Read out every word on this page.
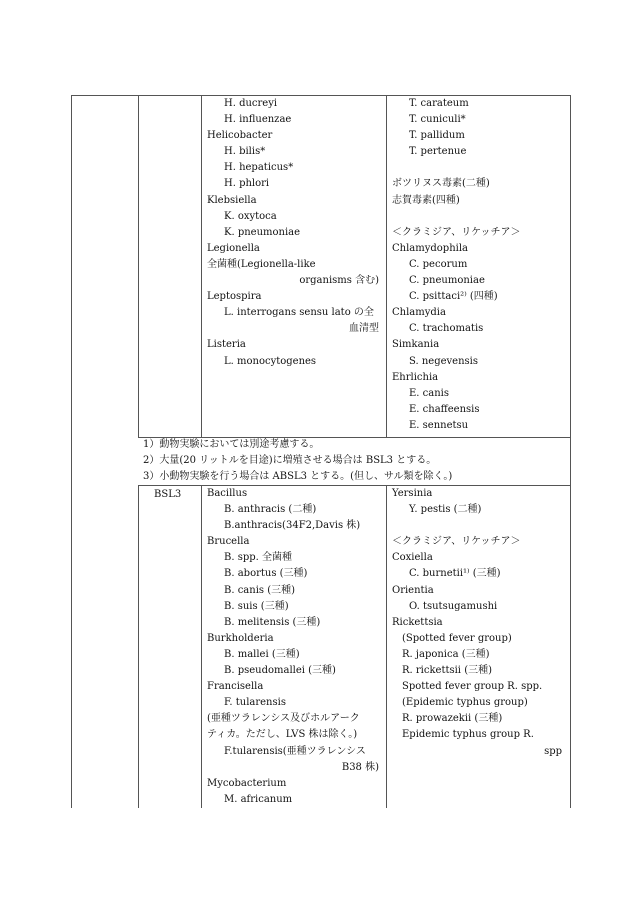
H. ducreyi
H. influenzae
Helicobacter
H. bilis*
H. hepaticus*
H. phlori
Klebsiella
K. oxytoca
K. pneumoniae
Legionella
全菌種(Legionella-like
organisms 含む)
Leptospira
L. interrogans sensu lato の全
血清型
Listeria
L. monocytogenes
T. carateum
T. cuniculi*
T. pallidum
T. pertenue
ボツリヌス毒素(二種)
志賀毒素(四種)
＜クラミジア、リケッチア＞
Chlamydophila
C. pecorum
C. pneumoniae
C. psittaci²⁾ (四種)
Chlamydia
C. trachomatis
Simkania
S. negevensis
Ehrlichia
E. canis
E. chaffeensis
E. sennetsu
1）動物実験においては別途考慮する。
2）大量(20 リットルを目途)に増殖させる場合は BSL3 とする。
3）小動物実験を行う場合は ABSL3 とする。(但し、サル類を除く。)
BSL3	Bacillus
B. anthracis (二種)
B.anthracis(34F2,Davis 株)
Brucella
B. spp. 全菌種
B. abortus (三種)
B. canis (三種)
B. suis (三種)
B. melitensis (三種)
Burkholderia
B. mallei (三種)
B. pseudomallei (三種)
Francisella
F. tularensis
(亜種ツラレンシス及びホルアーク
ティカ。ただし、LVS 株は除く。)
F.tularensis(亜種ツラレンシス
B38 株)
Mycobacterium
M. africanum
Yersinia
Y. pestis (二種)
＜クラミジア、リケッチア＞
Coxiella
C. burnetii¹⁾ (三種)
Orientia
O. tsutsugamushi
Rickettsia
(Spotted fever group)
R. japonica (三種)
R. rickettsii (三種)
Spotted fever group R. spp.
(Epidemic typhus group)
R. prowazekii (三種)
Epidemic typhus group R.
spp
